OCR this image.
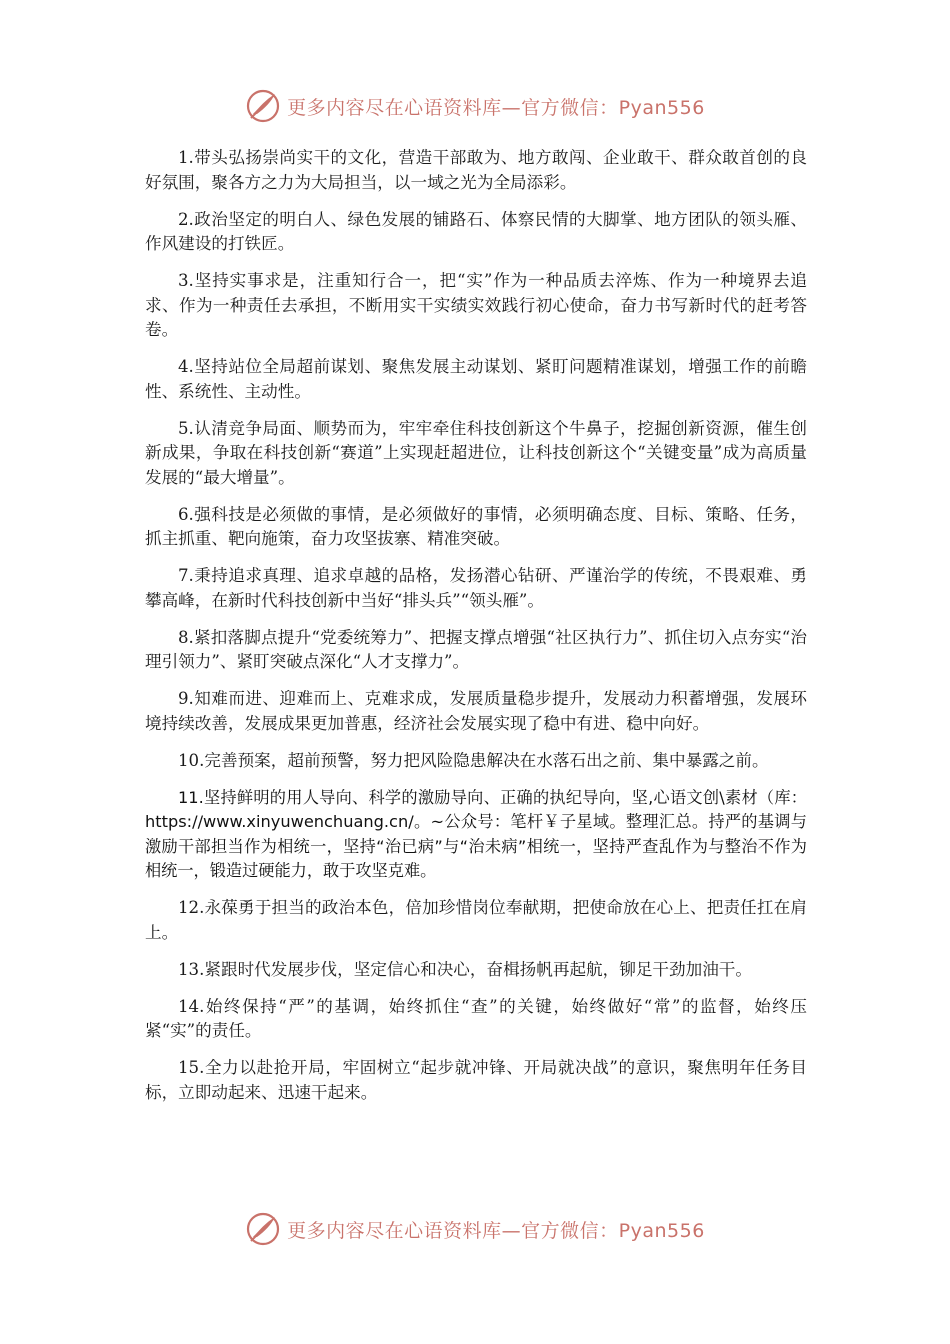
更多内容尽在心语资料库—官方微信：Pyan556

1.带头弘扬崇尚实干的文化，营造干部敢为、地方敢闯、企业敢干、群众敢首创的良好氛围，聚各方之力为大局担当，以一域之光为全局添彩。

2.政治坚定的明白人、绿色发展的铺路石、体察民情的大脚掌、地方团队的领头雁、作风建设的打铁匠。

3.坚持实事求是，注重知行合一，把“实”作为一种品质去淬炼、作为一种境界去追求、作为一种责任去承担，不断用实干实绩实效践行初心使命，奋力书写新时代的赶考答卷。

4.坚持站位全局超前谋划、聚焦发展主动谋划、紧盯问题精准谋划，增强工作的前瞻性、系统性、主动性。

5.认清竞争局面、顺势而为，牢牢牵住科技创新这个牛鼻子，挖掘创新资源，催生创新成果，争取在科技创新“赛道”上实现赶超进位，让科技创新这个“关键变量”成为高质量发展的“最大增量”。

6.强科技是必须做的事情，是必须做好的事情，必须明确态度、目标、策略、任务，抓主抓重、靶向施策，奋力攻坚拔寨、精准突破。

7.秉持追求真理、追求卓越的品格，发扬潜心钻研、严谨治学的传统，不畏艰难、勇攀高峰，在新时代科技创新中当好“排头兵”“领头雁”。

8.紧扣落脚点提升“党委统筹力”、把握支撑点增强“社区执行力”、抓住切入点夯实“治理引领力”、紧盯突破点深化“人才支撑力”。

9.知难而进、迎难而上、克难求成，发展质量稳步提升，发展动力积蓄增强，发展环境持续改善，发展成果更加普惠，经济社会发展实现了稳中有进、稳中向好。

10.完善预案，超前预警，努力把风险隐患解决在水落石出之前、集中暴露之前。

11.坚持鲜明的用人导向、科学的激励导向、正确的执纪导向，坚,心语文创\素材（库：https://www.xinyuwenchuang.cn/。~公众号：笔杆￥子星域。整理汇总。持严的基调与激励干部担当作为相统一，坚持“治已病”与“治未病”相统一，坚持严查乱作为与整治不作为相统一，锻造过硬能力，敢于攻坚克难。

12.永葆勇于担当的政治本色，倍加珍惜岗位奉献期，把使命放在心上、把责任扛在肩上。

13.紧跟时代发展步伐，坚定信心和决心，奋楫扬帆再起航，铆足干劲加油干。

14.始终保持“严”的基调，始终抓住“查”的关键，始终做好“常”的监督，始终压紧“实”的责任。

15.全力以赴抢开局，牢固树立“起步就冲锋、开局就决战”的意识，聚焦明年任务目标，立即动起来、迅速干起来。

更多内容尽在心语资料库—官方微信：Pyan556
